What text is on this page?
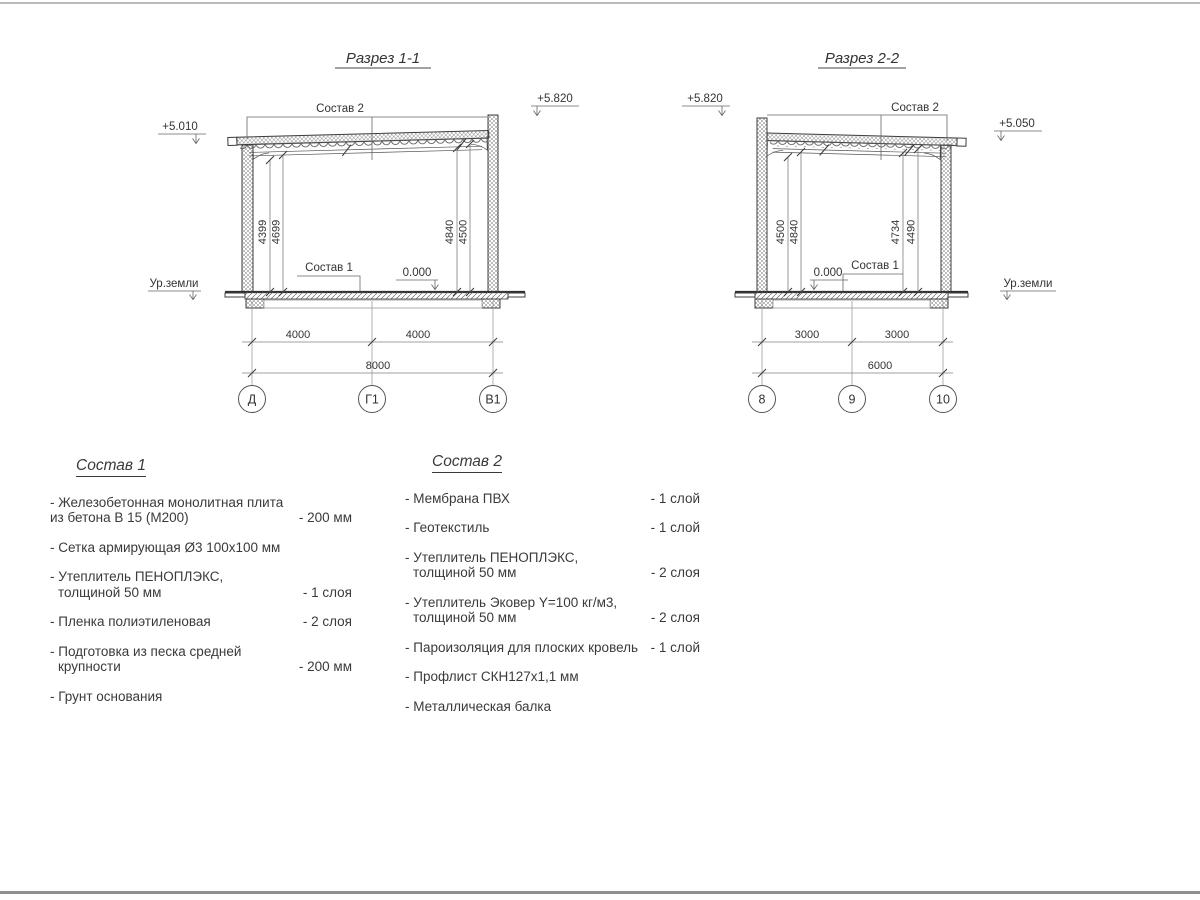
Разрез 1-1
4399 4699	4840 4500
Состав 2
Состав 1
+5.010
+5.820
0.000
Ур.земли
4000	4000
8000
Д	Г1	В1
Разрез 2-2
4500 4840	4734 4490
Состав 2
Состав 1
+5.820
+5.050
0.000
Ур.земли
3000	3000
6000
8	9	10
Состав 1
- Железобетонная монолитная плита
из бетона В 15 (М200)	- 200 мм
- Сетка армирующая Ø3 100х100 мм
- Утеплитель ПЕНОПЛЭКС,
толщиной 50 мм	- 1 слоя
- Пленка полиэтиленовая	- 2 слоя
- Подготовка из песка средней
крупности	- 200 мм
- Грунт основания
Состав 2
- Мембрана ПВХ	- 1 слой
- Геотекстиль	- 1 слой
- Утеплитель ПЕНОПЛЭКС,
толщиной 50 мм	- 2 слоя
- Утеплитель Эковер Y=100 кг/м3,
толщиной 50 мм	- 2 слоя
- Пароизоляция для плоских кровель - 1 слой
- Профлист СКН127х1,1 мм
- Металлическая балка
